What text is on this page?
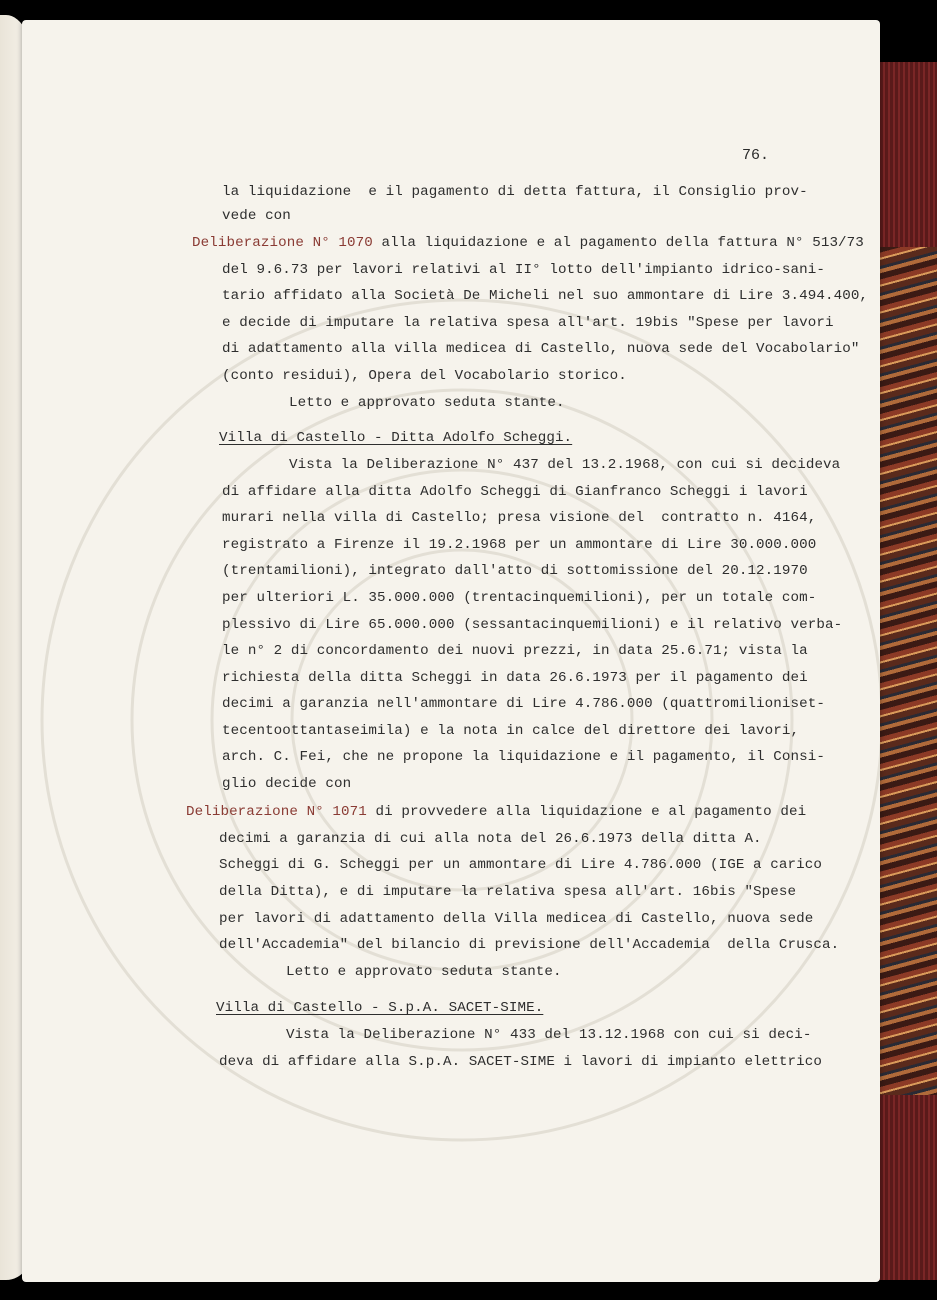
76.
la liquidazione  e il pagamento di detta fattura, il Consiglio prov-
vede con
Deliberazione N° 1070 alla liquidazione e al pagamento della fattura N° 513/73
del 9.6.73 per lavori relativi al II° lotto dell'impianto idrico-sani-
tario affidato alla Società De Micheli nel suo ammontare di Lire 3.494.400,
e decide di imputare la relativa spesa all'art. 19bis "Spese per lavori
di adattamento alla villa medicea di Castello, nuova sede del Vocabolario"
(conto residui), Opera del Vocabolario storico.
Letto e approvato seduta stante.
Villa di Castello - Ditta Adolfo Scheggi.
Vista la Deliberazione N° 437 del 13.2.1968, con cui si decideva
di affidare alla ditta Adolfo Scheggi di Gianfranco Scheggi i lavori
murari nella villa di Castello; presa visione del  contratto n. 4164,
registrato a Firenze il 19.2.1968 per un ammontare di Lire 30.000.000
(trentamilioni), integrato dall'atto di sottomissione del 20.12.1970
per ulteriori L. 35.000.000 (trentacinquemilioni), per un totale com-
plessivo di Lire 65.000.000 (sessantacinquemilioni) e il relativo verba-
le n° 2 di concordamento dei nuovi prezzi, in data 25.6.71; vista la
richiesta della ditta Scheggi in data 26.6.1973 per il pagamento dei
decimi a garanzia nell'ammontare di Lire 4.786.000 (quattromilioniset-
tecentoottantaseimila) e la nota in calce del direttore dei lavori,
arch. C. Fei, che ne propone la liquidazione e il pagamento, il Consi-
glio decide con
Deliberazione N° 1071 di provvedere alla liquidazione e al pagamento dei
decimi a garanzia di cui alla nota del 26.6.1973 della ditta A.
Scheggi di G. Scheggi per un ammontare di Lire 4.786.000 (IGE a carico
della Ditta), e di imputare la relativa spesa all'art. 16bis "Spese
per lavori di adattamento della Villa medicea di Castello, nuova sede
dell'Accademia" del bilancio di previsione dell'Accademia  della Crusca.
Letto e approvato seduta stante.
Villa di Castello - S.p.A. SACET-SIME.
Vista la Deliberazione N° 433 del 13.12.1968 con cui si deci-
deva di affidare alla S.p.A. SACET-SIME i lavori di impianto elettrico
